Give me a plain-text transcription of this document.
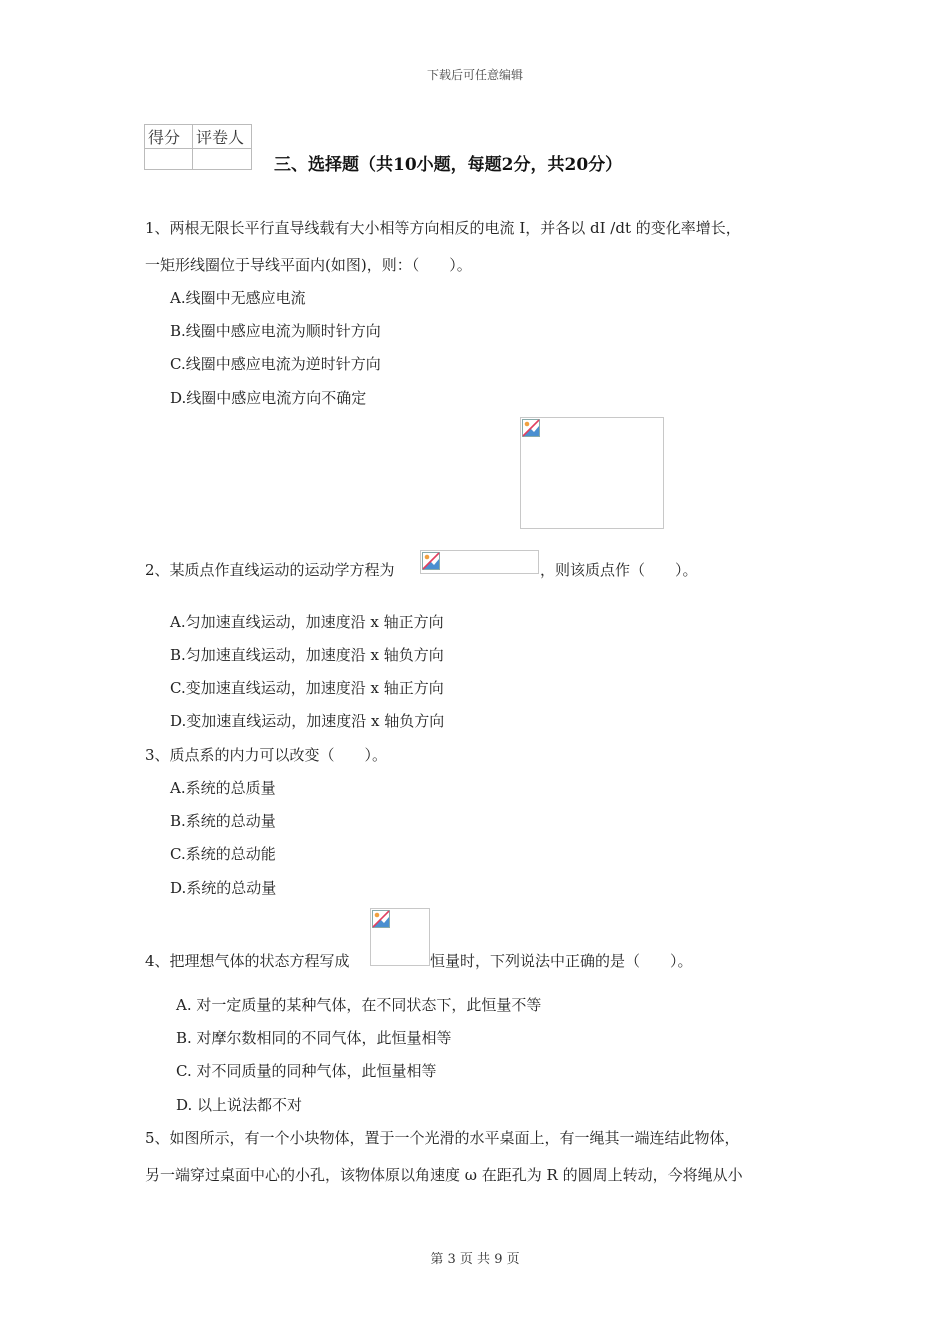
下载后可任意编辑
得分	评卷人

三、选择题（共10小题，每题2分，共20分）
1、两根无限长平行直导线载有大小相等方向相反的电流 I，并各以 dI /dt 的变化率增长，
一矩形线圈位于导线平面内(如图)，则：（　　）。
A.线圈中无感应电流
B.线圈中感应电流为顺时针方向
C.线圈中感应电流为逆时针方向
D.线圈中感应电流方向不确定
2、某质点作直线运动的运动学方程为	，则该质点作（　　）。
A.匀加速直线运动，加速度沿 x 轴正方向
B.匀加速直线运动，加速度沿 x 轴负方向
C.变加速直线运动，加速度沿 x 轴正方向
D.变加速直线运动，加速度沿 x 轴负方向
3、质点系的内力可以改变（　　）。
A.系统的总质量
B.系统的总动量
C.系统的总动能
D.系统的总动量
4、把理想气体的状态方程写成	恒量时，下列说法中正确的是（　　）。
A. 对一定质量的某种气体，在不同状态下，此恒量不等
B. 对摩尔数相同的不同气体，此恒量相等
C. 对不同质量的同种气体，此恒量相等
D. 以上说法都不对
5、如图所示，有一个小块物体，置于一个光滑的水平桌面上，有一绳其一端连结此物体，
另一端穿过桌面中心的小孔，该物体原以角速度 ω 在距孔为 R 的圆周上转动，今将绳从小
第 3 页 共 9 页
